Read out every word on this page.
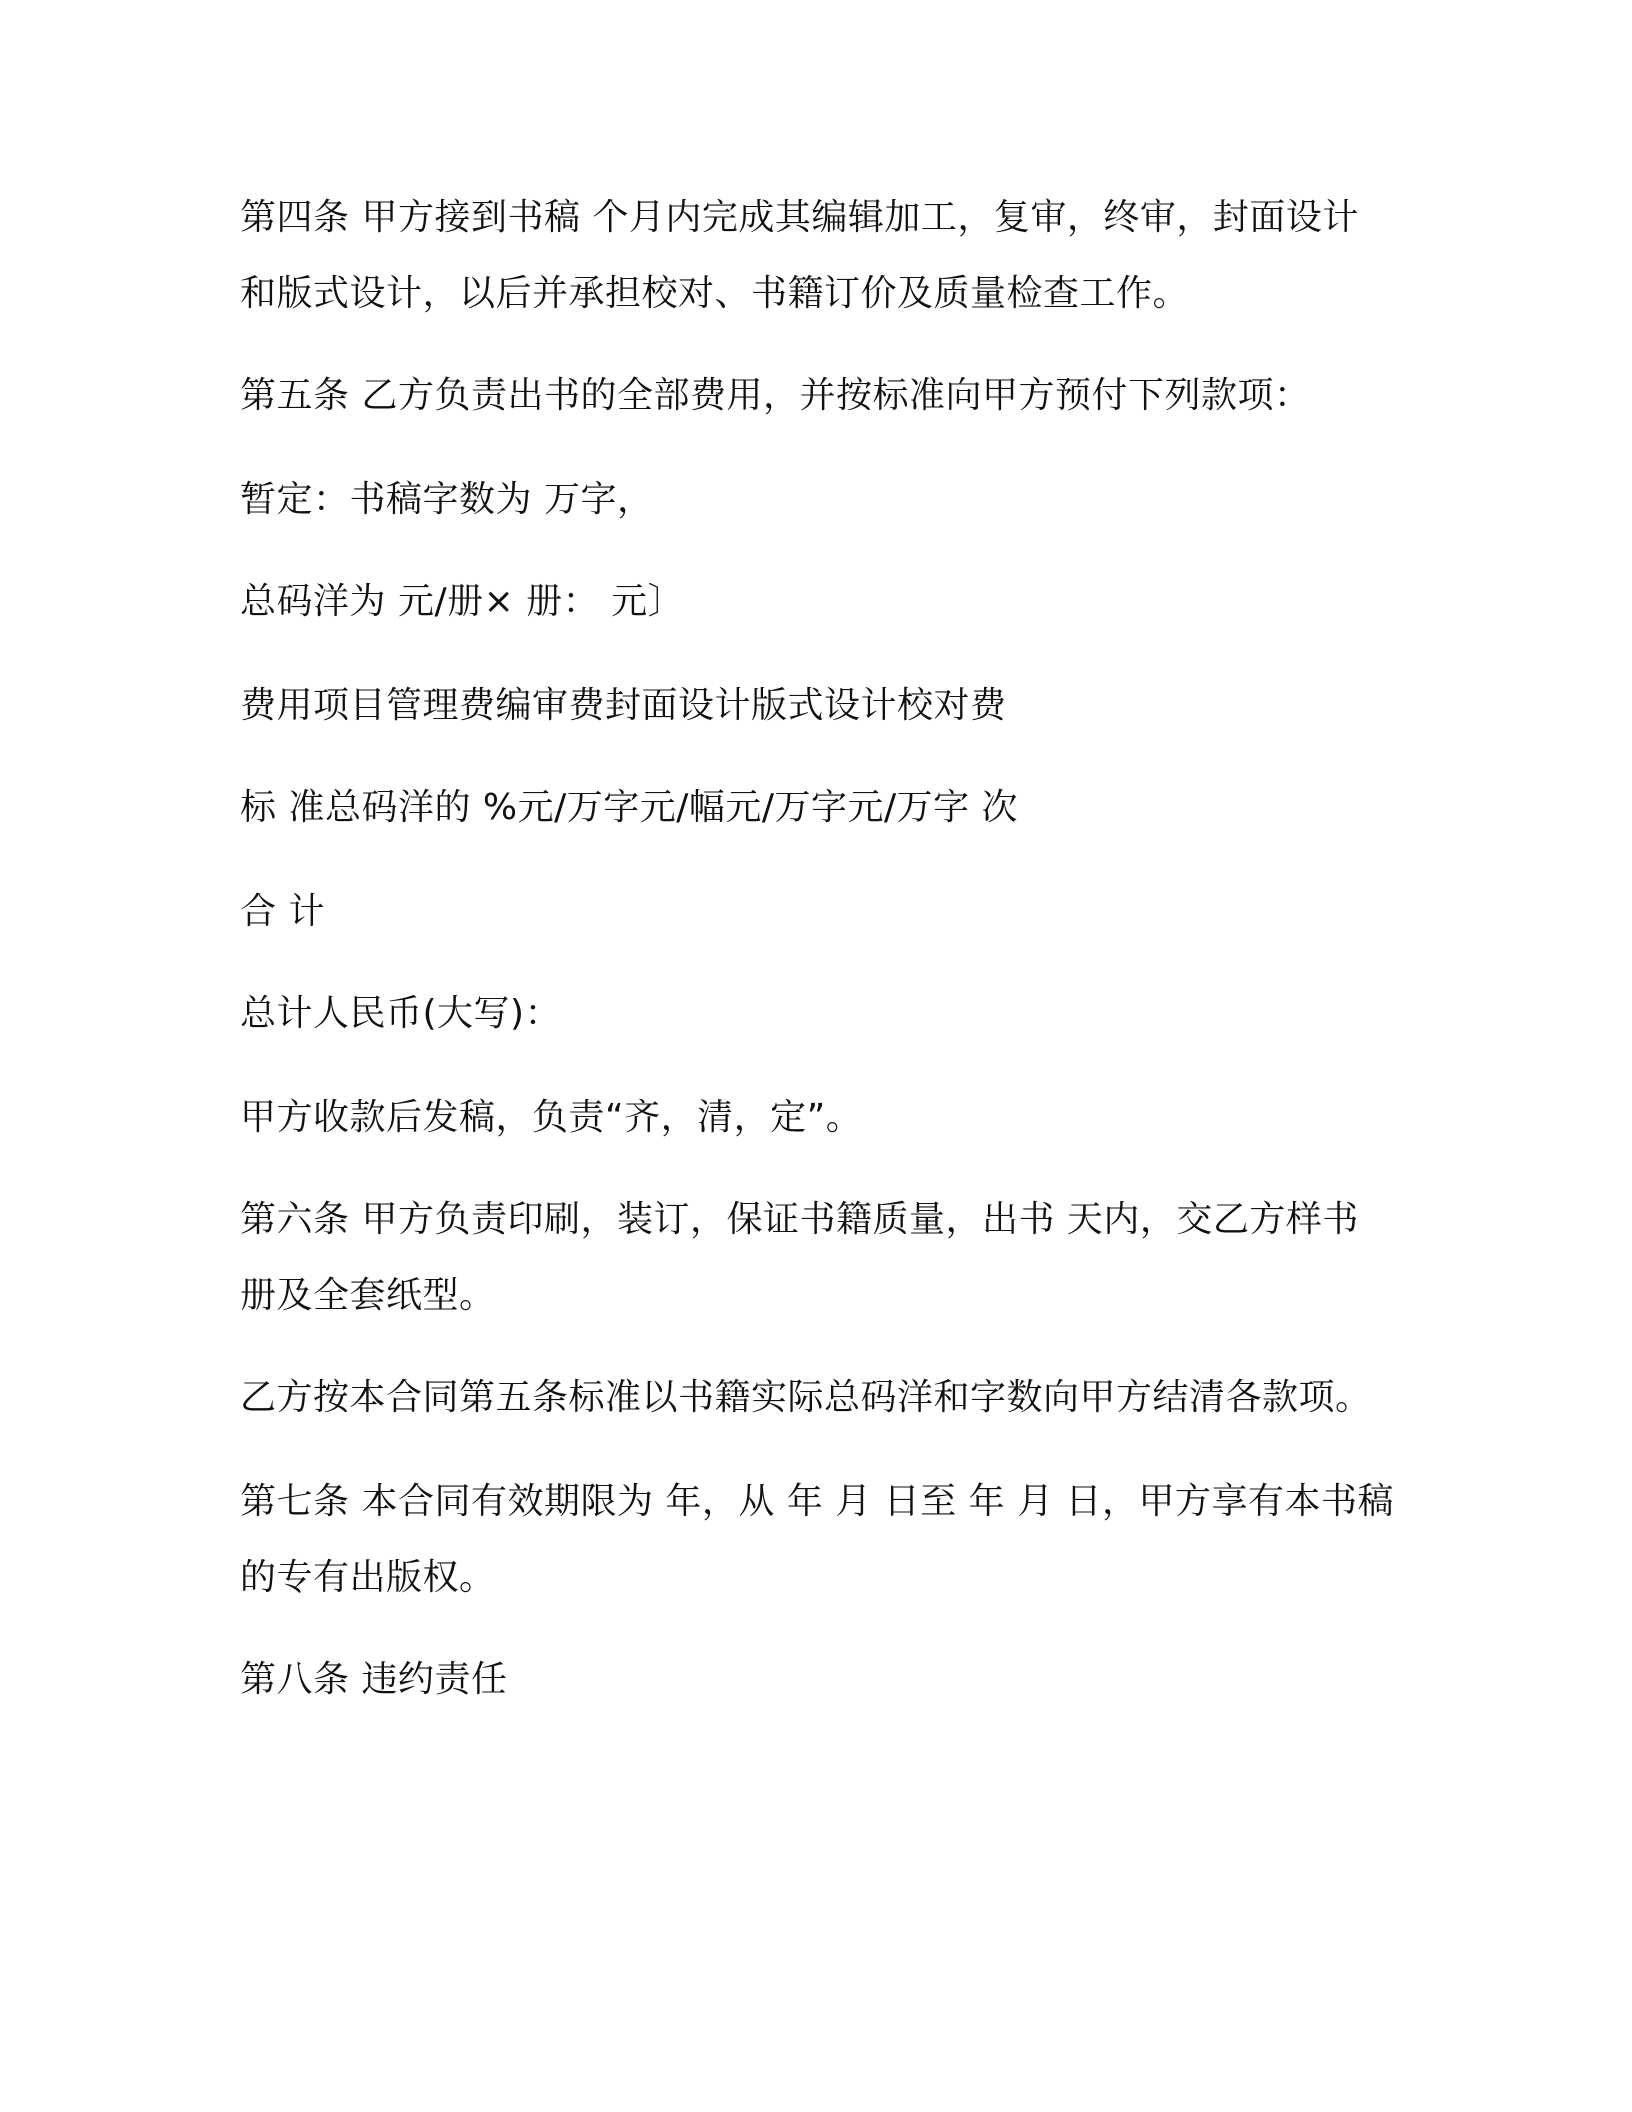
第四条 甲方接到书稿 个月内完成其编辑加工，复审，终审，封面设计
和版式设计，以后并承担校对、书籍订价及质量检查工作。
第五条 乙方负责出书的全部费用，并按标准向甲方预付下列款项：
暂定：书稿字数为 万字，
总码洋为 元/册× 册： 元〕
费用项目管理费编审费封面设计版式设计校对费
标 准总码洋的 %元/万字元/幅元/万字元/万字 次
合 计
总计人民币(大写)：
甲方收款后发稿，负责“齐，清，定”。
第六条 甲方负责印刷，装订，保证书籍质量，出书 天内，交乙方样书
册及全套纸型。
乙方按本合同第五条标准以书籍实际总码洋和字数向甲方结清各款项。
第七条 本合同有效期限为 年，从 年 月 日至 年 月 日，甲方享有本书稿
的专有出版权。
第八条 违约责任
